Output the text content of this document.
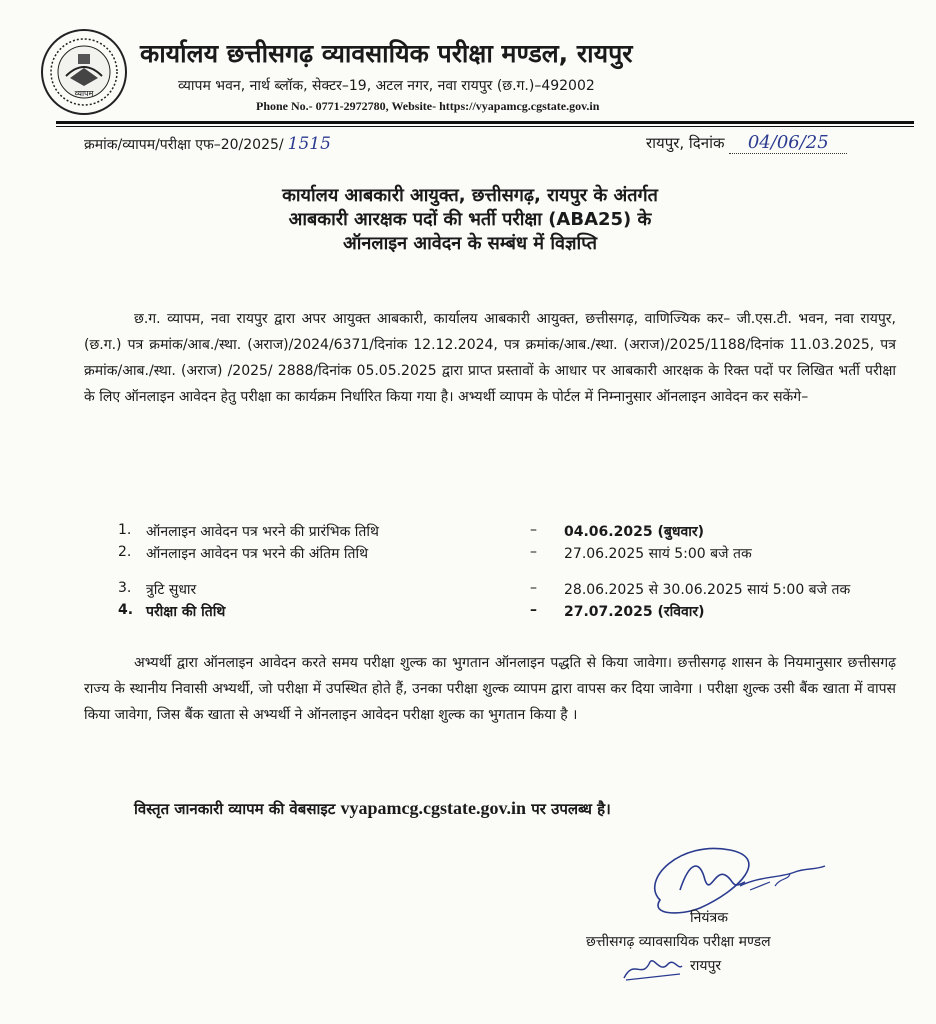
व्यापम
कार्यालय छत्तीसगढ़ व्यावसायिक परीक्षा मण्डल, रायपुर
व्यापम भवन, नार्थ ब्लॉक, सेक्टर–19, अटल नगर, नवा रायपुर (छ.ग.)–492002
Phone No.- 0771-2972780, Website- https://vyapamcg.cgstate.gov.in
क्रमांक/व्यापम/परीक्षा एफ–20/2025/ 1515	रायपुर, दिनांक 04/06/25
कार्यालय आबकारी आयुक्त, छत्तीसगढ़, रायपुर के अंतर्गत
आबकारी आरक्षक पदों की भर्ती परीक्षा (ABA25) के
ऑनलाइन आवेदन के सम्बंध में विज्ञप्ति

छ.ग. व्यापम, नवा रायपुर द्वारा अपर आयुक्त आबकारी, कार्यालय आबकारी आयुक्त, छत्तीसगढ़, वाणिज्यिक कर– जी.एस.टी. भवन, नवा रायपुर, (छ.ग.) पत्र क्रमांक/आब./स्था. (अराज)/2024/6371/दिनांक 12.12.2024, पत्र क्रमांक/आब./स्था. (अराज)/2025/1188/दिनांक 11.03.2025, पत्र क्रमांक/आब./स्था. (अराज) /2025/ 2888/दिनांक 05.05.2025 द्वारा प्राप्त प्रस्तावों के आधार पर आबकारी आरक्षक के रिक्त पदों पर लिखित भर्ती परीक्षा के लिए ऑनलाइन आवेदन हेतु परीक्षा का कार्यक्रम निर्धारित किया गया है। अभ्यर्थी व्यापम के पोर्टल में निम्नानुसार ऑनलाइन आवेदन कर सकेंगे–

1.	ऑनलाइन आवेदन पत्र भरने की प्रारंभिक तिथि	– 04.06.2025 (बुधवार)
2.	ऑनलाइन आवेदन पत्र भरने की अंतिम तिथि	– 27.06.2025 सायं 5:00 बजे तक
3.	त्रुटि सुधार	– 28.06.2025 से 30.06.2025 सायं 5:00 बजे तक
4. परीक्षा की तिथि	– 27.07.2025 (रविवार)

अभ्यर्थी द्वारा ऑनलाइन आवेदन करते समय परीक्षा शुल्क का भुगतान ऑनलाइन पद्धति से किया जावेगा। छत्तीसगढ़ शासन के नियमानुसार छत्तीसगढ़ राज्य के स्थानीय निवासी अभ्यर्थी, जो परीक्षा में उपस्थित होते हैं, उनका परीक्षा शुल्क व्यापम द्वारा वापस कर दिया जावेगा । परीक्षा शुल्क उसी बैंक खाता में वापस किया जावेगा, जिस बैंक खाता से अभ्यर्थी ने ऑनलाइन आवेदन परीक्षा शुल्क का भुगतान किया है ।

विस्तृत जानकारी व्यापम की वेबसाइट vyapamcg.cgstate.gov.in पर उपलब्ध है।
नियंत्रक
छत्तीसगढ़ व्यावसायिक परीक्षा मण्डल
रायपुर
